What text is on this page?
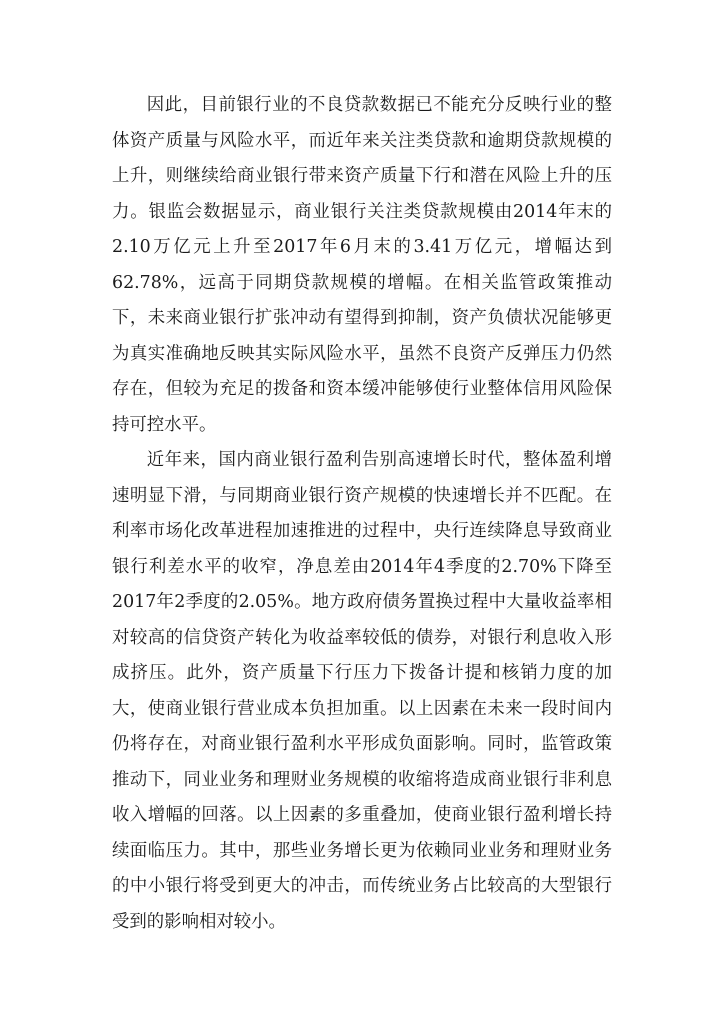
因此，目前银行业的不良贷款数据已不能充分反映行业的整体资产质量与风险水平，而近年来关注类贷款和逾期贷款规模的上升，则继续给商业银行带来资产质量下行和潜在风险上升的压力。银监会数据显示，商业银行关注类贷款规模由2014年末的2.10万亿元上升至2017年6月末的3.41万亿元，增幅达到62.78%，远高于同期贷款规模的增幅。在相关监管政策推动下，未来商业银行扩张冲动有望得到抑制，资产负债状况能够更为真实准确地反映其实际风险水平，虽然不良资产反弹压力仍然存在，但较为充足的拨备和资本缓冲能够使行业整体信用风险保持可控水平。

近年来，国内商业银行盈利告别高速增长时代，整体盈利增速明显下滑，与同期商业银行资产规模的快速增长并不匹配。在利率市场化改革进程加速推进的过程中，央行连续降息导致商业银行利差水平的收窄，净息差由2014年4季度的2.70%下降至2017年2季度的2.05%。地方政府债务置换过程中大量收益率相对较高的信贷资产转化为收益率较低的债券，对银行利息收入形成挤压。此外，资产质量下行压力下拨备计提和核销力度的加大，使商业银行营业成本负担加重。以上因素在未来一段时间内仍将存在，对商业银行盈利水平形成负面影响。同时，监管政策推动下，同业业务和理财业务规模的收缩将造成商业银行非利息收入增幅的回落。以上因素的多重叠加，使商业银行盈利增长持续面临压力。其中，那些业务增长更为依赖同业业务和理财业务的中小银行将受到更大的冲击，而传统业务占比较高的大型银行受到的影响相对较小。
